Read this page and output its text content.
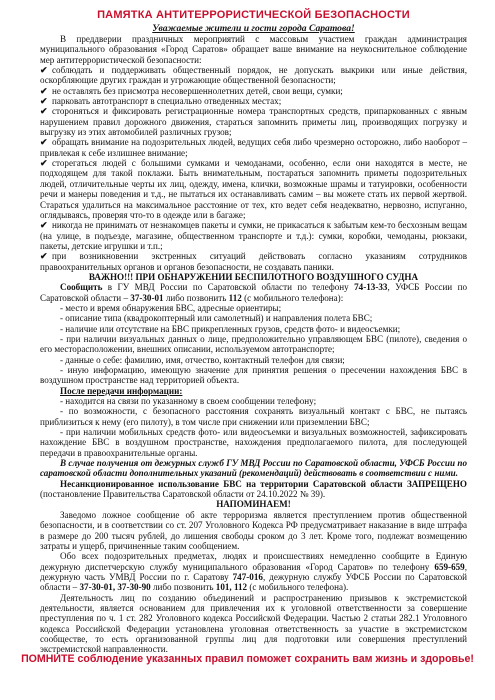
ПАМЯТКА АНТИТЕРРОРИСТИЧЕСКОЙ БЕЗОПАСНОСТИ
Уважаемые жители и гости города Саратова!

В преддверии праздничных мероприятий с массовым участием граждан администрация муниципального образования «Город Саратов» обращает ваше внимание на неукоснительное соблюдение мер антитеррористической безопасности:

✔ соблюдать и поддерживать общественный порядок, не допускать выкрики или иные действия, оскорбляющие других граждан и угрожающие общественной безопасности;

✔ не оставлять без присмотра несовершеннолетних детей, свои вещи, сумки;

✔ парковать автотранспорт в специально отведенных местах;

✔ стороняться и фиксировать регистрационные номера транспортных средств, припаркованных с явным нарушением правил дорожного движения, стараться запомнить приметы лиц, производящих погрузку и выгрузку из этих автомобилей различных грузов;

✔ обращать внимание на подозрительных людей, ведущих себя либо чрезмерно осторожно, либо наоборот – привлекая к себе излишнее внимание;

✔ сторегаться людей с большими сумками и чемоданами, особенно, если они находятся в месте, не подходящем для такой поклажи. Быть внимательным, постараться запомнить приметы подозрительных людей, отличительные черты их лиц, одежду, имена, клички, возможные шрамы и татуировки, особенности речи и манеры поведения и т.д., не пытаться их останавливать самим – вы можете стать их первой жертвой. Стараться удалиться на максимальное расстояние от тех, кто ведет себя неадекватно, нервозно, испуганно, оглядываясь, проверяя что-то в одежде или в багаже;

✔ никогда не принимать от незнакомцев пакеты и сумки, не прикасаться к забытым кем-то бесхозным вещам (на улице, в подъезде, магазине, общественном транспорте и т.д.): сумки, коробки, чемоданы, рюкзаки, пакеты, детские игрушки и т.п.;

✔ при возникновении экстренных ситуаций действовать согласно указаниям сотрудников правоохранительных органов и органов безопасности, не создавать паники.

ВАЖНО!!! ПРИ ОБНАРУЖЕНИИ БЕСПИЛОТНОГО ВОЗДУШНОГО СУДНА

Сообщить в ГУ МВД России по Саратовской области по телефону 74-13-33, УФСБ России по Саратовской области – 37-30-01 либо позвонить 112 (с мобильного телефона):

- место и время обнаружения БВС, адресные ориентиры;

- описание типа (квадрокоптерный или самолетный) и направления полета БВС;

- наличие или отсутствие на БВС прикрепленных грузов, средств фото- и видеосъемки;

- при наличии визуальных данных о лице, предположительно управляющем БВС (пилоте), сведения о его месторасположении, внешних описании, используемом автотранспорте;

- данные о себе: фамилию, имя, отчество, контактный телефон для связи;

- иную информацию, имеющую значение для принятия решения о пресечении нахождения БВС в воздушном пространстве над территорией объекта.

После передачи информации:

- находится на связи по указанному в своем сообщении телефону;

- по возможности, с безопасного расстояния сохранять визуальный контакт с БВС, не пытаясь приблизиться к нему (его пилоту), в том числе при снижении или приземлении БВС;

- при наличии мобильных средств фото- или видеосъемки и визуальных возможностей, зафиксировать нахождение БВС в воздушном пространстве, нахождения предполагаемого пилота, для последующей передачи в правоохранительные органы.

В случае получения от дежурных служб ГУ МВД России по Саратовской области, УФСБ России по саратовской области дополнительных указаний (рекомендаций) действовать в соответствии с ними.

Несанкционированное использование БВС на территории Саратовской области ЗАПРЕЩЕНО (постановление Правительства Саратовской области от 24.10.2022 № 39).

НАПОМИНАЕМ!

Заведомо ложное сообщение об акте терроризма является преступлением против общественной безопасности, и в соответствии со ст. 207 Уголовного Кодекса РФ предусматривает наказание в виде штрафа в размере до 200 тысяч рублей, до лишения свободы сроком до 3 лет. Кроме того, подлежат возмещению затраты и ущерб, причиненные таким сообщением.

Обо всех подозрительных предметах, людях и происшествиях немедленно сообщите в Единую дежурную диспетчерскую службу муниципального образования «Город Саратов» по телефону 659-659, дежурную часть УМВД России по г. Саратову 747-016, дежурную службу УФСБ России по Саратовской области – 37-30-01, 37-30-90 либо позвонить 101, 112 (с мобильного телефона).

Деятельность лиц по созданию объединений и распространению призывов к экстремистской деятельности, является основанием для привлечения их к уголовной ответственности за совершение преступления по ч. 1 ст. 282 Уголовного кодекса Российской Федерации. Частью 2 статьи 282.1 Уголовного кодекса Российской Федерации установлена уголовная ответственность за участие в экстремистском сообществе, то есть организованной группы лиц для подготовки или совершения преступлений экстремистской направленности.

ПОМНИТЕ соблюдение указанных правил поможет сохранить вам жизнь и здоровье!
